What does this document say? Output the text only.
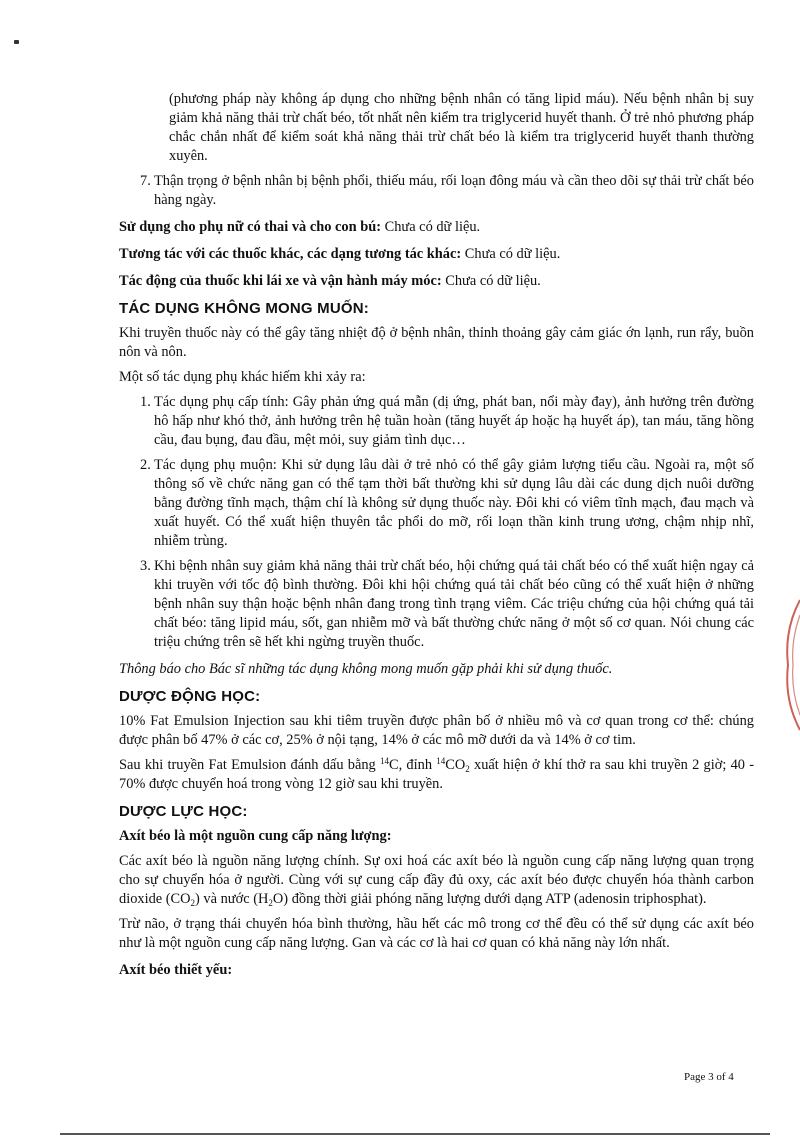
(phương pháp này không áp dụng cho những bệnh nhân có tăng lipid máu). Nếu bệnh nhân bị suy giảm khả năng thải trừ chất béo, tốt nhất nên kiểm tra triglycerid huyết thanh. Ở trẻ nhỏ phương pháp chắc chắn nhất để kiểm soát khả năng thải trừ chất béo là kiểm tra triglycerid huyết thanh thường xuyên.

7. Thận trọng ở bệnh nhân bị bệnh phổi, thiếu máu, rối loạn đông máu và cần theo dõi sự thải trừ chất béo hàng ngày.

Sử dụng cho phụ nữ có thai và cho con bú: Chưa có dữ liệu.

Tương tác với các thuốc khác, các dạng tương tác khác: Chưa có dữ liệu.

Tác động của thuốc khi lái xe và vận hành máy móc: Chưa có dữ liệu.

TÁC DỤNG KHÔNG MONG MUỐN:

Khi truyền thuốc này có thể gây tăng nhiệt độ ở bệnh nhân, thỉnh thoảng gây cảm giác ớn lạnh, run rẩy, buồn nôn và nôn.

Một số tác dụng phụ khác hiếm khi xảy ra:

1. Tác dụng phụ cấp tính: Gây phản ứng quá mẫn (dị ứng, phát ban, nổi mày đay), ảnh hưởng trên đường hô hấp như khó thở, ảnh hưởng trên hệ tuần hoàn (tăng huyết áp hoặc hạ huyết áp), tan máu, tăng hồng cầu, đau bụng, đau đầu, mệt mỏi, suy giảm tình dục…
2. Tác dụng phụ muộn: Khi sử dụng lâu dài ở trẻ nhỏ có thể gây giảm lượng tiểu cầu. Ngoài ra, một số thông số về chức năng gan có thể tạm thời bất thường khi sử dụng lâu dài các dung dịch nuôi dưỡng bằng đường tĩnh mạch, thậm chí là không sử dụng thuốc này. Đôi khi có viêm tĩnh mạch, đau mạch và xuất huyết. Có thể xuất hiện thuyên tắc phổi do mỡ, rối loạn thần kinh trung ương, chậm nhịp nhĩ, nhiễm trùng.
3. Khi bệnh nhân suy giảm khả năng thải trừ chất béo, hội chứng quá tải chất béo có thể xuất hiện ngay cả khi truyền với tốc độ bình thường. Đôi khi hội chứng quá tải chất béo cũng có thể xuất hiện ở những bệnh nhân suy thận hoặc bệnh nhân đang trong tình trạng viêm. Các triệu chứng của hội chứng quá tải chất béo: tăng lipid máu, sốt, gan nhiễm mỡ và bất thường chức năng ở một số cơ quan. Nói chung các triệu chứng trên sẽ hết khi ngừng truyền thuốc.

Thông báo cho Bác sĩ những tác dụng không mong muốn gặp phải khi sử dụng thuốc.

DƯỢC ĐỘNG HỌC:

10% Fat Emulsion Injection sau khi tiêm truyền được phân bố ở nhiều mô và cơ quan trong cơ thể: chúng được phân bố 47% ở các cơ, 25% ở nội tạng, 14% ở các mô mỡ dưới da và 14% ở cơ tim.

Sau khi truyền Fat Emulsion đánh dấu bằng $^{14}$C, đỉnh $^{14}CO_2$ xuất hiện ở khí thở ra sau khi truyền 2 giờ; 40 - 70% được chuyển hoá trong vòng 12 giờ sau khi truyền.

DƯỢC LỰC HỌC:

Axít béo là một nguồn cung cấp năng lượng:

Các axít béo là nguồn năng lượng chính. Sự oxi hoá các axít béo là nguồn cung cấp năng lượng quan trọng cho sự chuyển hóa ở người. Cùng với sự cung cấp đầy đủ oxy, các axít béo được chuyển hóa thành carbon dioxide $(CO_2)$ và nước $(H_2O)$ đồng thời giải phóng năng lượng dưới dạng ATP (adenosin triphosphat).

Trừ não, ở trạng thái chuyển hóa bình thường, hầu hết các mô trong cơ thể đều có thể sử dụng các axít béo như là một nguồn cung cấp năng lượng. Gan và các cơ là hai cơ quan có khả năng này lớn nhất.

Axít béo thiết yếu:

Page 3 of 4
